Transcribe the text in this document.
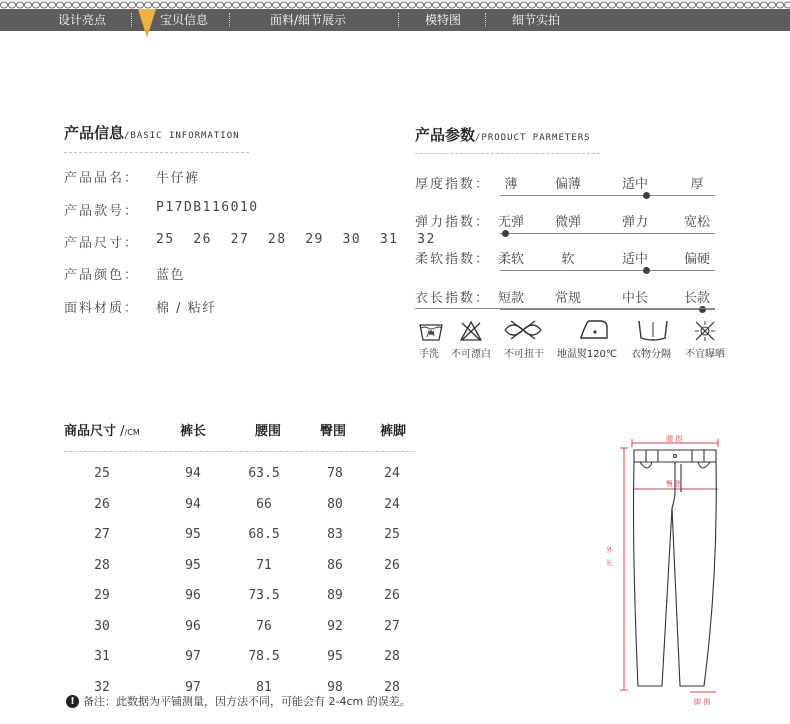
设计亮点	宝贝信息	面料/细节展示	模特图	细节实拍
产品信息/BASIC INFORMATION
产品品名： 牛仔裤
产品款号： P17DB116010
产品尺寸： 25  26  27  28  29  30  31  32
产品颜色： 蓝色
面料材质： 棉 / 粘纤
产品参数/PRODUCT PARMETERS
厚度指数：	薄	偏薄	适中	厚
弹力指数： 无弹	微弹	弹力	宽松
柔软指数： 柔软	软	适中	偏硬
衣长指数： 短款	常规	中长	长款
手洗	不可漂白	不可扭干	地温熨120℃	衣物分隔	不宜曝晒
商品尺寸 //CM	裤长	腰围	臀围	裤脚
25	94	63.5	78	24
26	94	66	80	24
27	95	68.5	83	25
28	95	71	86	26
29	96	73.5	89	26
30	96	76	92	27
31	97	78.5	95	28
32	97	81	98	28
! 备注：此数据为平铺测量，因方法不同，可能会有 2-4cm 的误差。
腰 围
臀 围
外
长
脚 围
